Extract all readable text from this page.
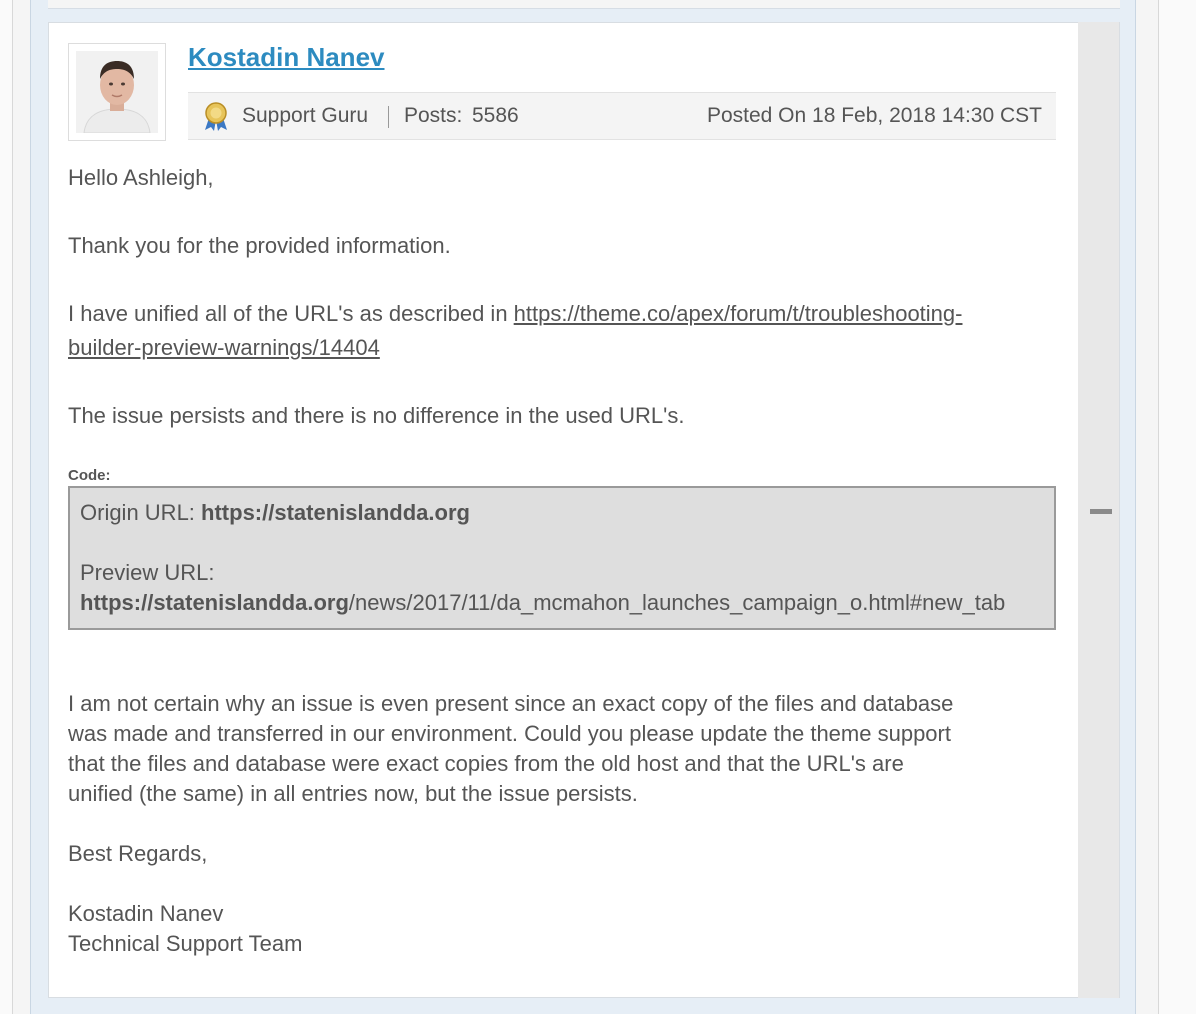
Kostadin Nanev
Support Guru Posts: 5586	Posted On 18 Feb, 2018 14:30 CST
Hello Ashleigh,
Thank you for the provided information.
I have unified all of the URL's as described in https://theme.co/apex/forum/t/troubleshooting-
builder-preview-warnings/14404
The issue persists and there is no difference in the used URL's.
Code:
Origin URL: https://statenislandda.org
Preview URL:
https://statenislandda.org/news/2017/11/da_mcmahon_launches_campaign_o.html#new_tab
I am not certain why an issue is even present since an exact copy of the files and database
was made and transferred in our environment. Could you please update the theme support
that the files and database were exact copies from the old host and that the URL's are
unified (the same) in all entries now, but the issue persists.
Best Regards,
Kostadin Nanev
Technical Support Team
